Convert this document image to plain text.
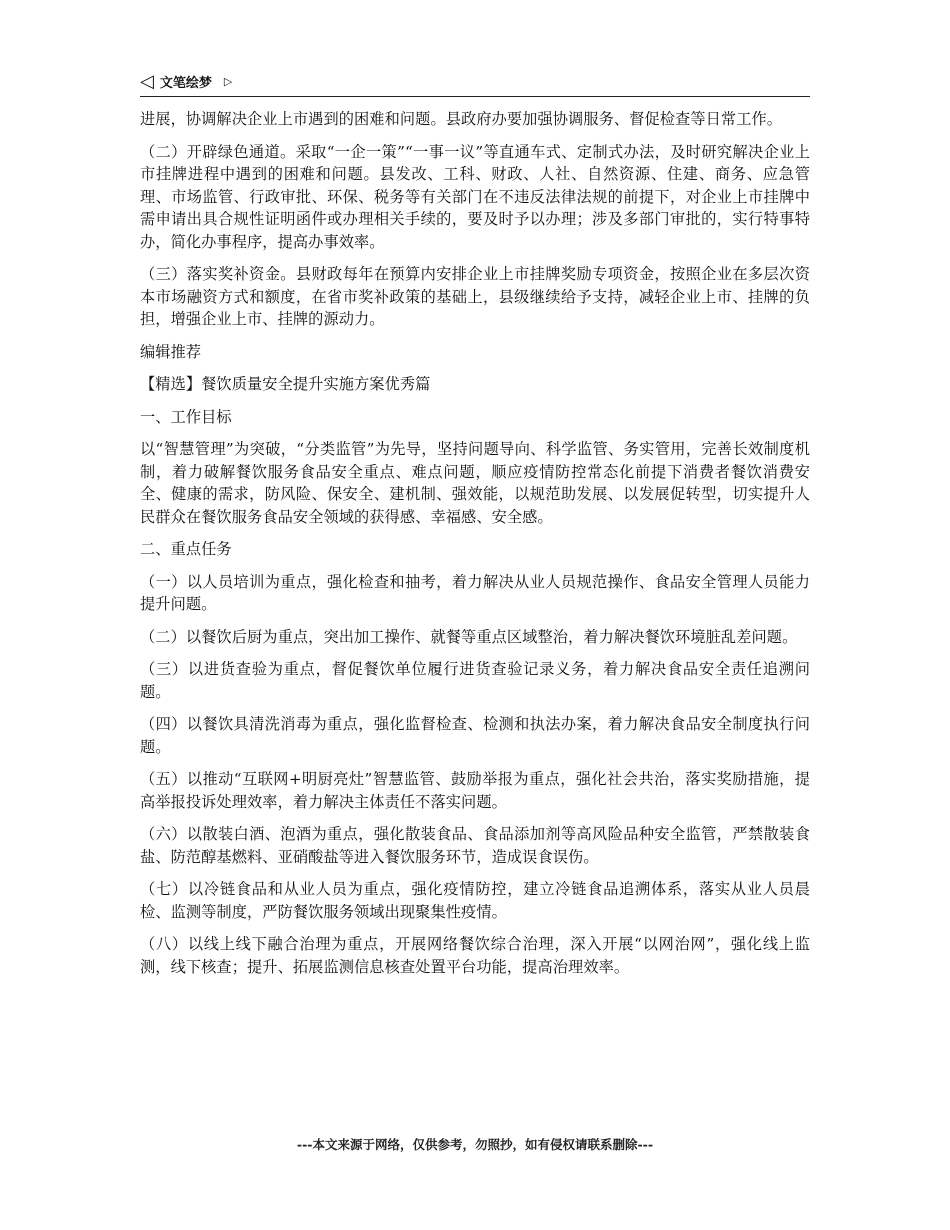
◁ 文笔绘梦 ▷

进展，协调解决企业上市遇到的困难和问题。县政府办要加强协调服务、督促检查等日常工作。

（二）开辟绿色通道。采取“一企一策”“一事一议”等直通车式、定制式办法，及时研究解决企业上市挂牌进程中遇到的困难和问题。县发改、工科、财政、人社、自然资源、住建、商务、应急管理、市场监管、行政审批、环保、税务等有关部门在不违反法律法规的前提下，对企业上市挂牌中需申请出具合规性证明函件或办理相关手续的，要及时予以办理；涉及多部门审批的，实行特事特办，简化办事程序，提高办事效率。

（三）落实奖补资金。县财政每年在预算内安排企业上市挂牌奖励专项资金，按照企业在多层次资本市场融资方式和额度，在省市奖补政策的基础上，县级继续给予支持，减轻企业上市、挂牌的负担，增强企业上市、挂牌的源动力。

编辑推荐

【精选】餐饮质量安全提升实施方案优秀篇

一、工作目标

以“智慧管理”为突破，“分类监管”为先导，坚持问题导向、科学监管、务实管用，完善长效制度机制，着力破解餐饮服务食品安全重点、难点问题，顺应疫情防控常态化前提下消费者餐饮消费安全、健康的需求，防风险、保安全、建机制、强效能，以规范助发展、以发展促转型，切实提升人民群众在餐饮服务食品安全领域的获得感、幸福感、安全感。

二、重点任务

（一）以人员培训为重点，强化检查和抽考，着力解决从业人员规范操作、食品安全管理人员能力提升问题。

（二）以餐饮后厨为重点，突出加工操作、就餐等重点区域整治，着力解决餐饮环境脏乱差问题。

（三）以进货查验为重点，督促餐饮单位履行进货查验记录义务，着力解决食品安全责任追溯问题。

（四）以餐饮具清洗消毒为重点，强化监督检查、检测和执法办案，着力解决食品安全制度执行问题。

（五）以推动“互联网+明厨亮灶”智慧监管、鼓励举报为重点，强化社会共治，落实奖励措施，提高举报投诉处理效率，着力解决主体责任不落实问题。

（六）以散装白酒、泡酒为重点，强化散装食品、食品添加剂等高风险品种安全监管，严禁散装食盐、防范醇基燃料、亚硝酸盐等进入餐饮服务环节，造成误食误伤。

（七）以冷链食品和从业人员为重点，强化疫情防控，建立冷链食品追溯体系，落实从业人员晨检、监测等制度，严防餐饮服务领域出现聚集性疫情。

（八）以线上线下融合治理为重点，开展网络餐饮综合治理，深入开展“以网治网”，强化线上监测，线下核查；提升、拓展监测信息核查处置平台功能，提高治理效率。

---本文来源于网络，仅供参考，勿照抄，如有侵权请联系删除---
